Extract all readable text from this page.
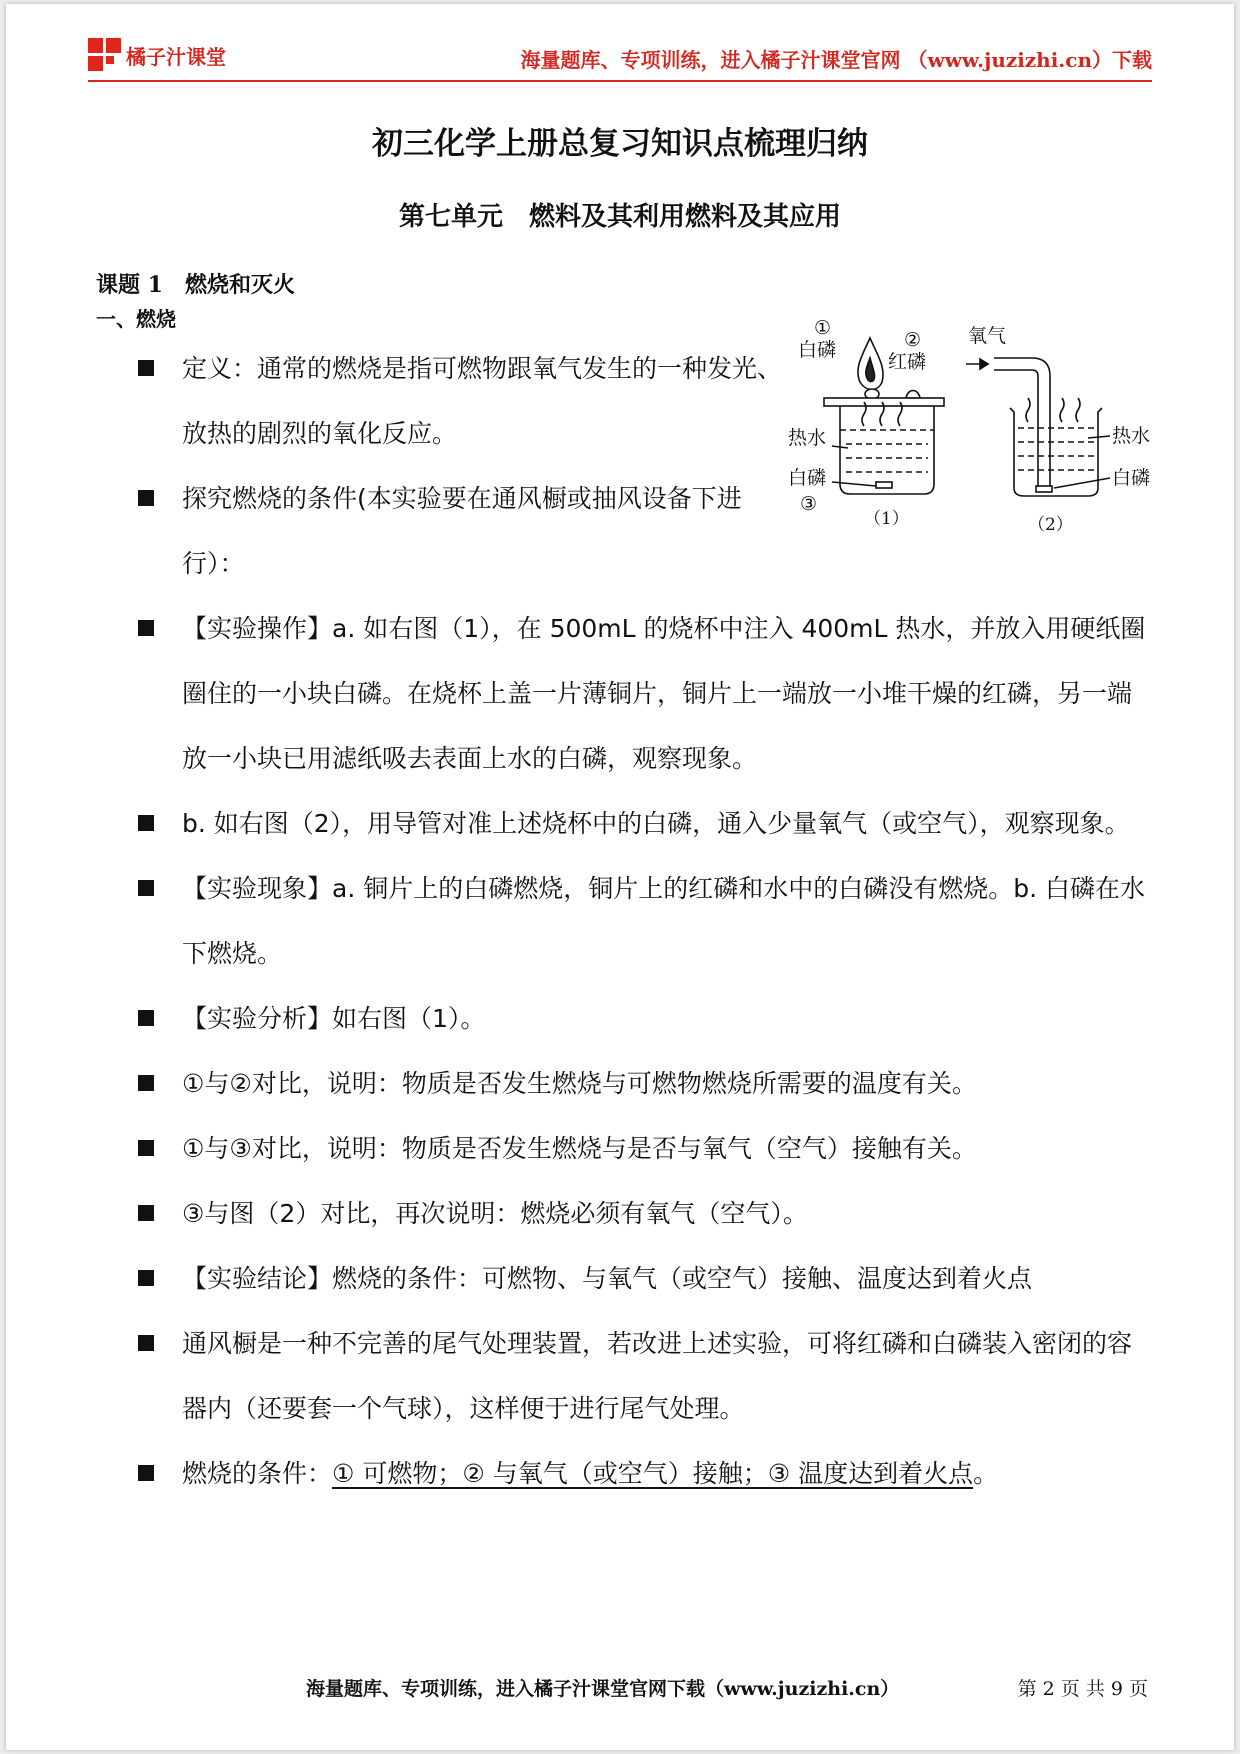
橘子汁课堂	海量题库、专项训练，进入橘子汁课堂官网 （www.juzizhi.cn）下载
初三化学上册总复习知识点梳理归纳
第七单元　燃料及其利用燃料及其应用
课题 1　燃烧和灭火
一、燃烧	①
白磷	②
红磷
热水
白磷
③
（1）
氧气
热水
白磷
（2）
定义：通常的燃烧是指可燃物跟氧气发生的一种发光、放热的剧烈的氧化反应。
探究燃烧的条件(本实验要在通风橱或抽风设备下进行）：
【实验操作】a. 如右图（1），在 500mL 的烧杯中注入 400mL 热水，并放入用硬纸圈圈住的一小块白磷。在烧杯上盖一片薄铜片，铜片上一端放一小堆干燥的红磷，另一端放一小块已用滤纸吸去表面上水的白磷，观察现象。
b. 如右图（2），用导管对准上述烧杯中的白磷，通入少量氧气（或空气），观察现象。
【实验现象】a. 铜片上的白磷燃烧，铜片上的红磷和水中的白磷没有燃烧。b. 白磷在水下燃烧。
【实验分析】如右图（1）。
①与②对比，说明：物质是否发生燃烧与可燃物燃烧所需要的温度有关。
①与③对比，说明：物质是否发生燃烧与是否与氧气（空气）接触有关。
③与图（2）对比，再次说明：燃烧必须有氧气（空气）。
【实验结论】燃烧的条件：可燃物、与氧气（或空气）接触、温度达到着火点
通风橱是一种不完善的尾气处理装置，若改进上述实验，可将红磷和白磷装入密闭的容器内（还要套一个气球），这样便于进行尾气处理。
燃烧的条件：① 可燃物；② 与氧气（或空气）接触；③ 温度达到着火点。
海量题库、专项训练，进入橘子汁课堂官网下载（www.juzizhi.cn）	第 2 页 共 9 页
